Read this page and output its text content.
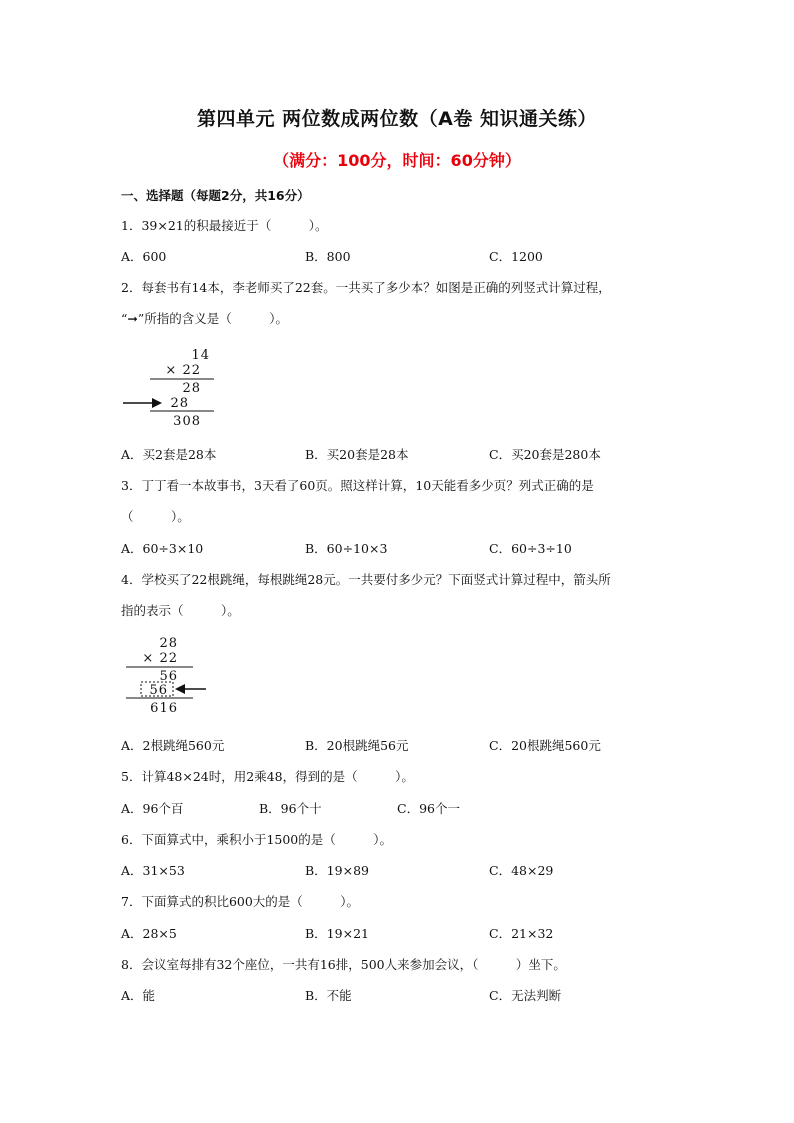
第四单元 两位数成两位数（A卷 知识通关练）
（满分：100分，时间：60分钟）
一、选择题（每题2分，共16分）
1．39×21的积最接近于（　　　）。
A．600	B．800	C．1200
2．每套书有14本，李老师买了22套。一共买了多少本？如图是正确的列竖式计算过程，
“➞”所指的含义是（　　　）。
14
× 22
28
28
308
A．买2套是28本	B．买20套是28本	C．买20套是280本
3．丁丁看一本故事书，3天看了60页。照这样计算，10天能看多少页？列式正确的是
（　　　）。
A．60÷3×10	B．60÷10×3	C．60÷3÷10
4．学校买了22根跳绳，每根跳绳28元。一共要付多少元？下面竖式计算过程中，箭头所
指的表示（　　　）。
28
× 22
56
56
616
A．2根跳绳560元	B．20根跳绳56元	C．20根跳绳560元
5．计算48×24时，用2乘48，得到的是（　　　）。
A．96个百	B．96个十	C．96个一
6．下面算式中，乘积小于1500的是（　　　）。
A．31×53	B．19×89	C．48×29
7．下面算式的积比600大的是（　　　）。
A．28×5	B．19×21	C．21×32
8．会议室每排有32个座位，一共有16排，500人来参加会议，（　　　）坐下。
A．能	B．不能	C．无法判断
